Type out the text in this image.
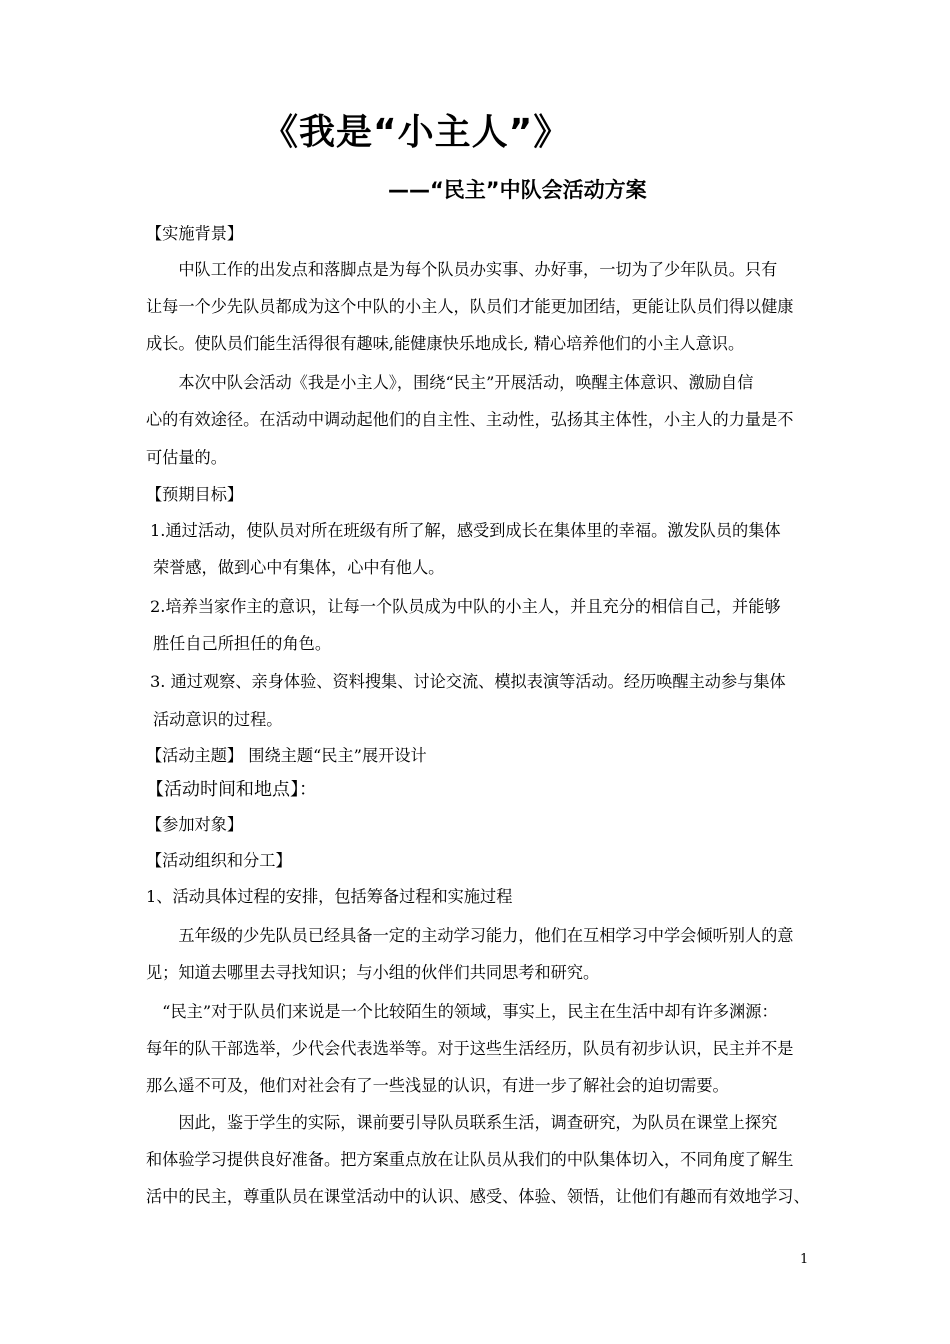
《我是“小主人”》
——“民主”中队会活动方案
【实施背景】
　　中队工作的出发点和落脚点是为每个队员办实事、办好事，一切为了少年队员。只有
让每一个少先队员都成为这个中队的小主人，队员们才能更加团结，更能让队员们得以健康
成长。使队员们能生活得很有趣味,能健康快乐地成长, 精心培养他们的小主人意识。
　　本次中队会活动《我是小主人》，围绕“民主”开展活动，唤醒主体意识、激励自信
心的有效途径。在活动中调动起他们的自主性、主动性，弘扬其主体性，小主人的力量是不
可估量的。
【预期目标】
1.通过活动，使队员对所在班级有所了解，感受到成长在集体里的幸福。激发队员的集体
荣誉感，做到心中有集体，心中有他人。
2.培养当家作主的意识，让每一个队员成为中队的小主人，并且充分的相信自己，并能够
胜任自己所担任的角色。
3. 通过观察、亲身体验、资料搜集、讨论交流、模拟表演等活动。经历唤醒主动参与集体
活动意识的过程。
【活动主题】 围绕主题“民主”展开设计
【活动时间和地点】：
【参加对象】
【活动组织和分工】
1、活动具体过程的安排，包括筹备过程和实施过程
　　五年级的少先队员已经具备一定的主动学习能力，他们在互相学习中学会倾听别人的意
见；知道去哪里去寻找知识；与小组的伙伴们共同思考和研究。
　“民主”对于队员们来说是一个比较陌生的领域，事实上，民主在生活中却有许多渊源：
每年的队干部选举，少代会代表选举等。对于这些生活经历，队员有初步认识，民主并不是
那么遥不可及，他们对社会有了一些浅显的认识，有进一步了解社会的迫切需要。
　　因此，鉴于学生的实际，课前要引导队员联系生活，调查研究，为队员在课堂上探究
和体验学习提供良好准备。把方案重点放在让队员从我们的中队集体切入，不同角度了解生
活中的民主，尊重队员在课堂活动中的认识、感受、体验、领悟，让他们有趣而有效地学习、
1
